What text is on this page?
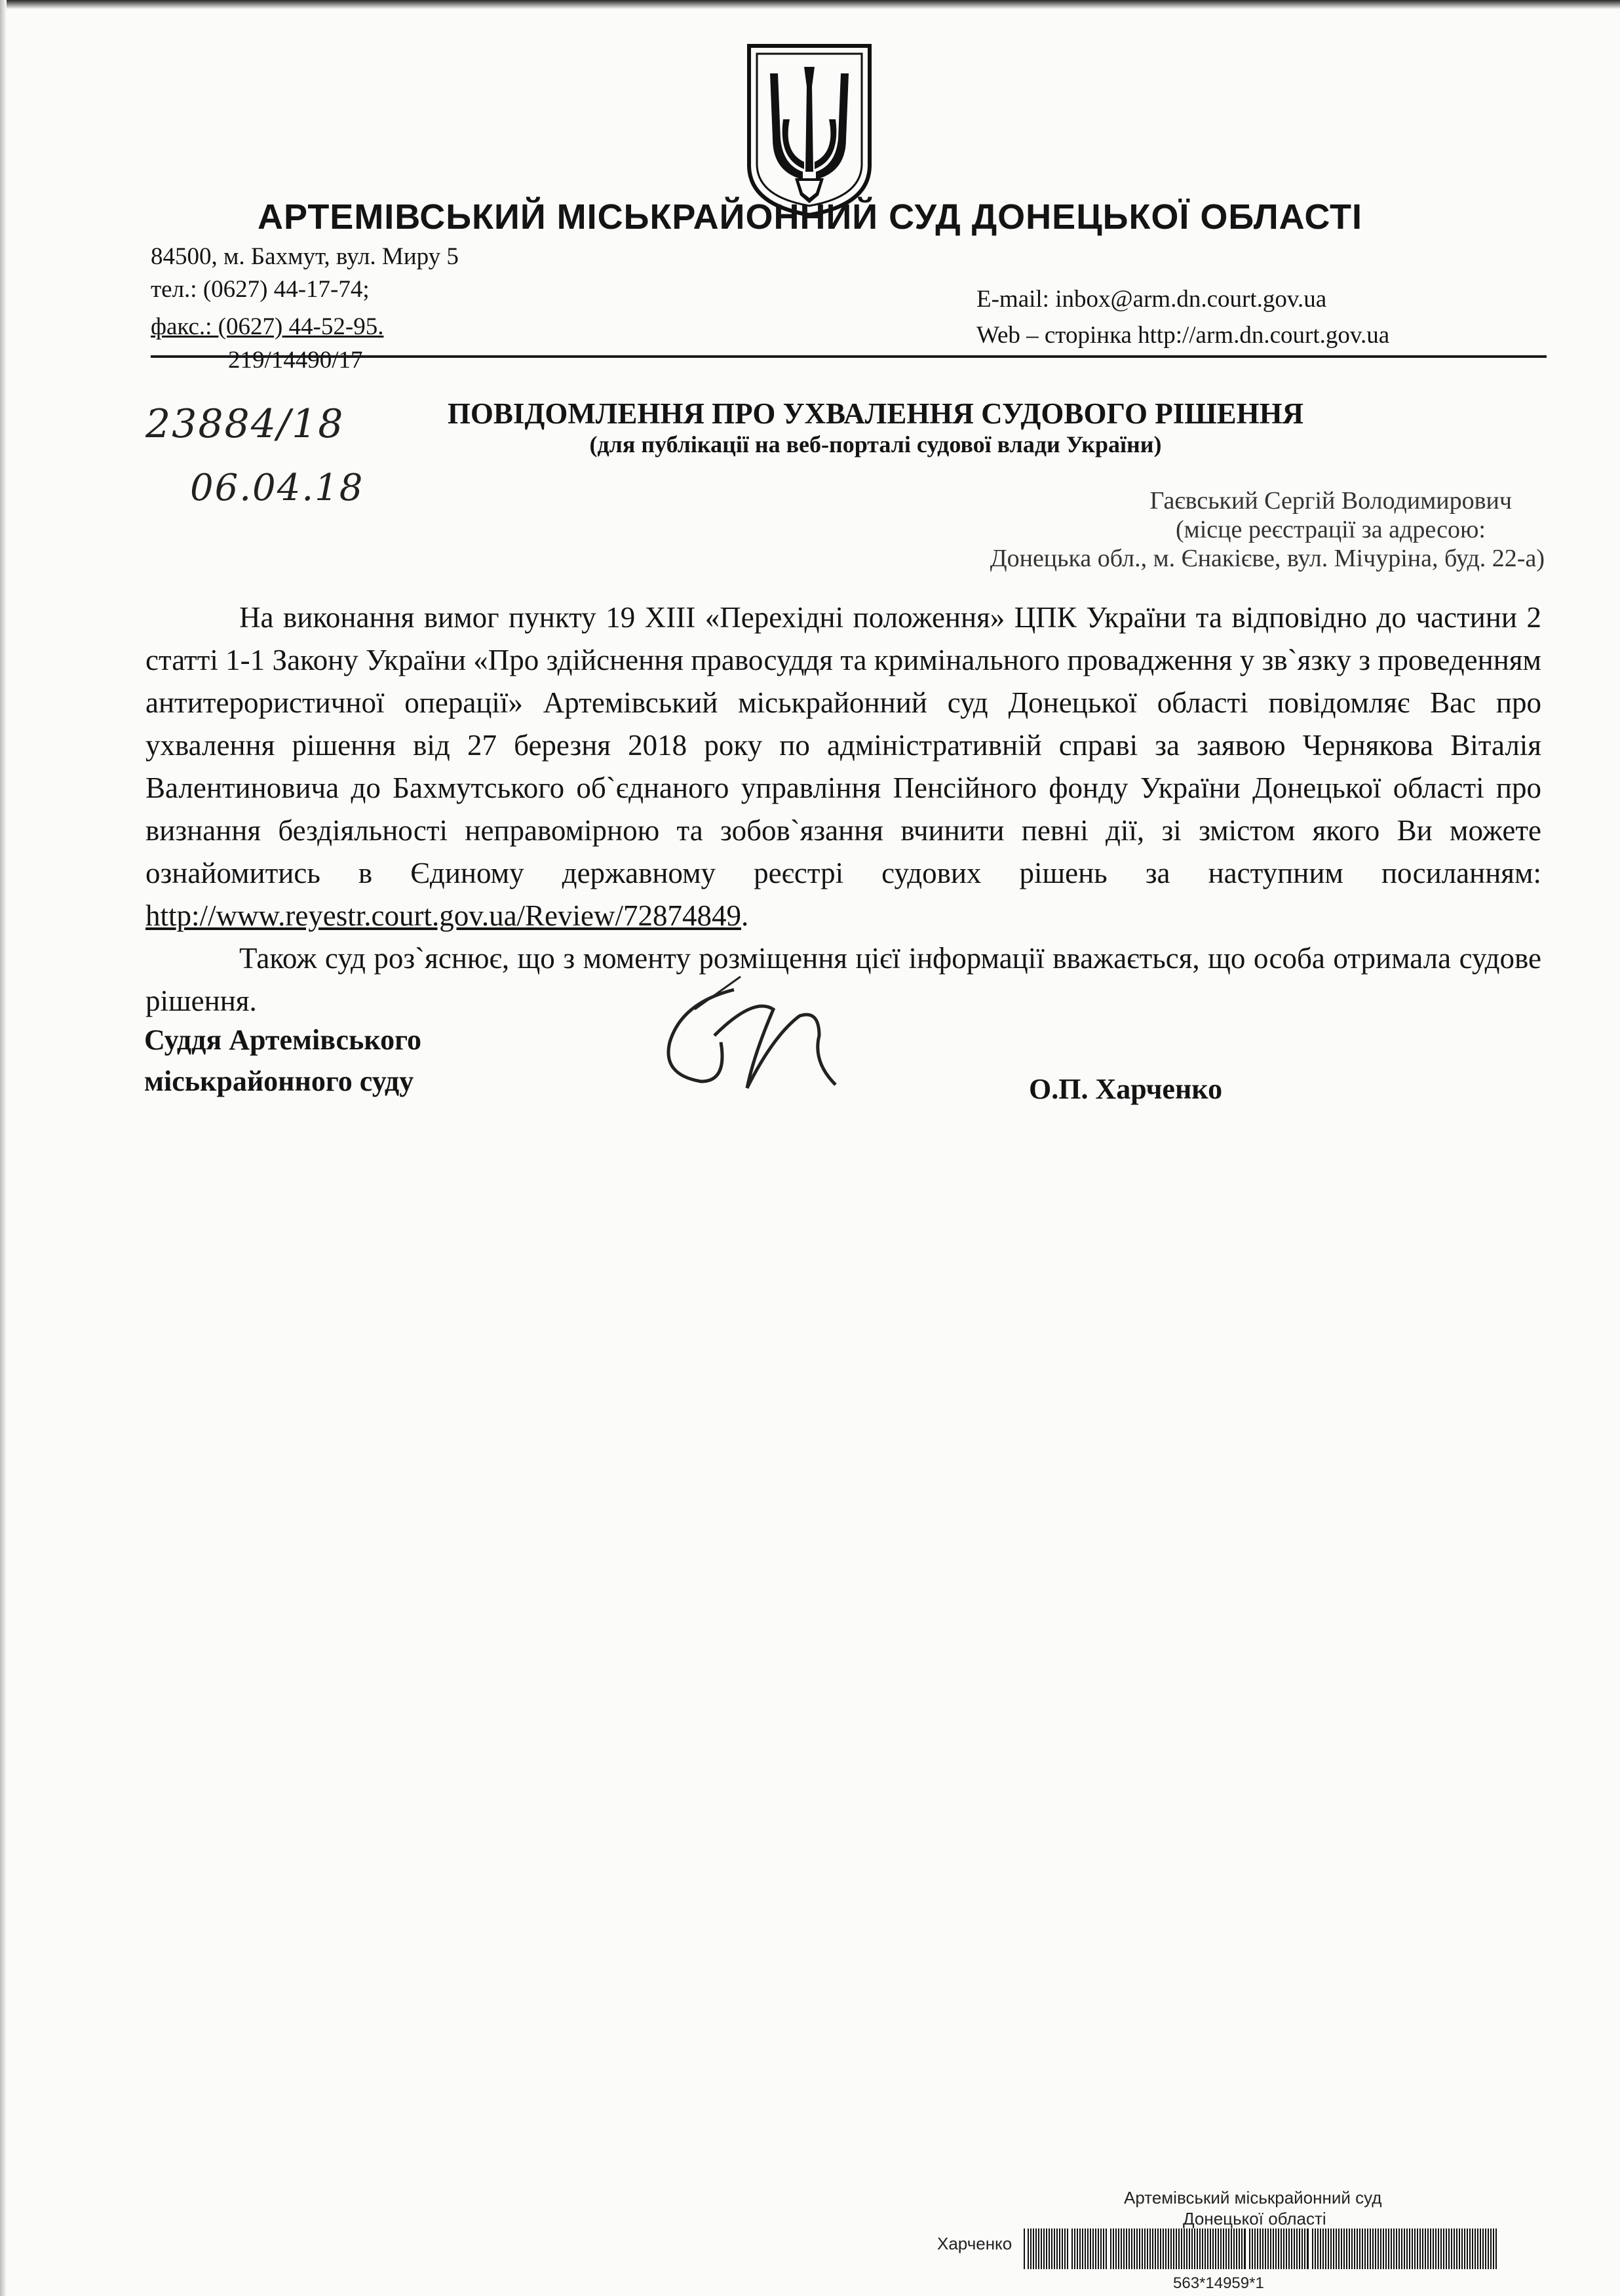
АРТЕМІВСЬКИЙ МІСЬКРАЙОННИЙ СУД ДОНЕЦЬКОЇ ОБЛАСТІ
84500, м. Бахмут, вул. Миру 5
тел.: (0627) 44-17-74;
факс.: (0627) 44-52-95.
E-mail: inbox@arm.dn.court.gov.ua
Web – сторінка http://arm.dn.court.gov.ua
219/14490/17
23884/18
06.04.18
ПОВІДОМЛЕННЯ ПРО УХВАЛЕННЯ СУДОВОГО РІШЕННЯ
(для публікації на веб-порталі судової влади України)
Гаєвський Сергій Володимирович
(місце реєстрації за адресою:
Донецька обл., м. Єнакієве, вул. Мічуріна, буд. 22-а)

На виконання вимог пункту 19 ХІІІ «Перехідні положення» ЦПК України та відповідно до частини 2 статті 1-1 Закону України «Про здійснення правосуддя та кримінального провадження у зв`язку з проведенням антитерористичної операції» Артемівський міськрайонний суд Донецької області повідомляє Вас про ухвалення рішення від 27 березня 2018 року по адміністративній справі за заявою Чернякова Віталія Валентиновича до Бахмутського об`єднаного управління Пенсійного фонду України Донецької області про визнання бездіяльності неправомірною та зобов`язання вчинити певні дії, зі змістом якого Ви можете ознайомитись в Єдиному державному реєстрі судових рішень за наступним посиланням: http://www.reyestr.court.gov.ua/Review/72874849.

Також суд роз`яснює, що з моменту розміщення цієї інформації вважається, що особа отримала судове рішення.

Суддя Артемівського
міськрайонного суду	О.П. Харченко
Артемівський міськрайонний суд
Донецької області
Харченко
563*14959*1
